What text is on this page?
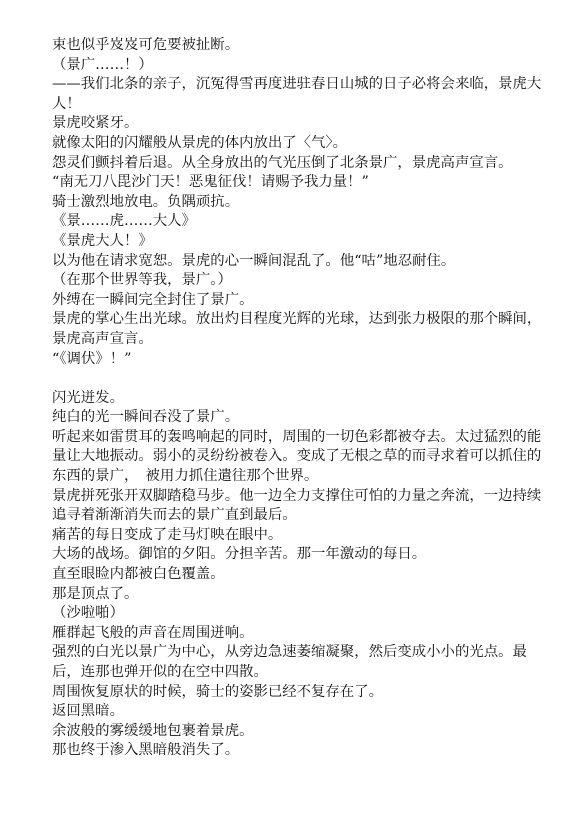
束也似乎岌岌可危要被扯断。
（景广……！）
——我们北条的亲子，沉冤得雪再度进驻春日山城的日子必将会来临，景虎大人！
景虎咬紧牙。
就像太阳的闪耀般从景虎的体内放出了〈气〉。
怨灵们颤抖着后退。从全身放出的气光压倒了北条景广，景虎高声宣言。
“南无刀八毘沙门天！恶鬼征伐！请赐予我力量！”
骑士激烈地放电。负隅顽抗。
《景……虎……大人》
《景虎大人！》
以为他在请求宽恕。景虎的心一瞬间混乱了。他“咕”地忍耐住。
（在那个世界等我，景广。）
外缚在一瞬间完全封住了景广。
景虎的掌心生出光球。放出灼目程度光辉的光球，达到张力极限的那个瞬间，景虎高声宣言。
“《调伏》！”
闪光迸发。
纯白的光一瞬间吞没了景广。
听起来如雷贯耳的轰鸣响起的同时，周围的一切色彩都被夺去。太过猛烈的能量让大地振动。弱小的灵纷纷被卷入。变成了无根之草的而寻求着可以抓住的东西的景广，　被用力抓住遣往那个世界。
景虎拼死张开双脚踏稳马步。他一边全力支撑住可怕的力量之奔流，一边持续追寻着渐渐消失而去的景广直到最后。
痛苦的每日变成了走马灯映在眼中。
大场的战场。御馆的夕阳。分担辛苦。那一年激动的每日。
直至眼睑内都被白色覆盖。
那是顶点了。
（沙啦啪）
雁群起飞般的声音在周围迸响。
强烈的白光以景广为中心，从旁边急速萎缩凝聚，然后变成小小的光点。最后，连那也弹开似的在空中四散。
周围恢复原状的时候，骑士的姿影已经不复存在了。
返回黑暗。
余波般的雾缓缓地包裹着景虎。
那也终于渗入黑暗般消失了。
